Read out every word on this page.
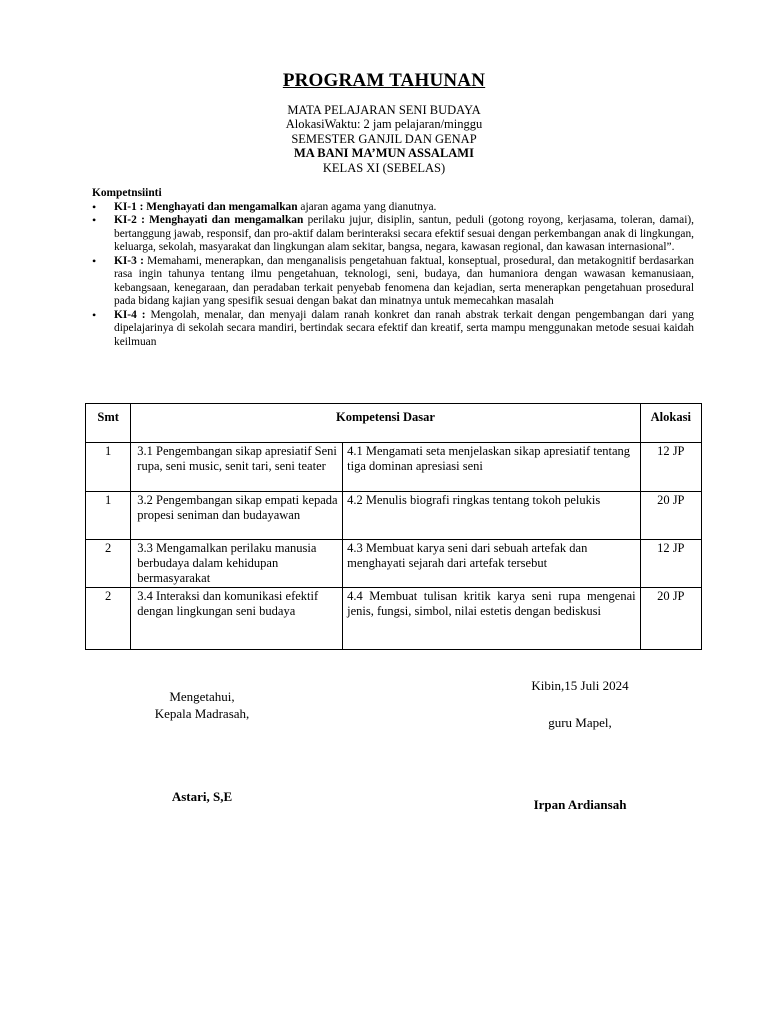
PROGRAM TAHUNAN
MATA PELAJARAN SENI BUDAYA
AlokasiWaktu: 2 jam pelajaran/minggu
SEMESTER GANJIL DAN GENAP
MA BANI MA’MUN ASSALAMI
KELAS XI (SEBELAS)
Kompetnsiinti
• KI-1 : Menghayati dan mengamalkan ajaran agama yang dianutnya.
• KI-2 : Menghayati dan mengamalkan perilaku jujur, disiplin, santun, peduli (gotong royong, kerjasama, toleran, damai), bertanggung jawab, responsif, dan pro-aktif dalam berinteraksi secara efektif sesuai dengan perkembangan anak di lingkungan, keluarga, sekolah, masyarakat dan lingkungan alam sekitar, bangsa, negara, kawasan regional, dan kawasan internasional”.
• KI-3 : Memahami, menerapkan, dan menganalisis pengetahuan faktual, konseptual, prosedural, dan metakognitif berdasarkan rasa ingin tahunya tentang ilmu pengetahuan, teknologi, seni, budaya, dan humaniora dengan wawasan kemanusiaan, kebangsaan, kenegaraan, dan peradaban terkait penyebab fenomena dan kejadian, serta menerapkan pengetahuan prosedural pada bidang kajian yang spesifik sesuai dengan bakat dan minatnya untuk memecahkan masalah
• KI-4 : Mengolah, menalar, dan menyaji dalam ranah konkret dan ranah abstrak terkait dengan pengembangan dari yang dipelajarinya di sekolah secara mandiri, bertindak secara efektif dan kreatif, serta mampu menggunakan metode sesuai kaidah keilmuan
Smt	Kompetensi Dasar		Alokasi
1	3.1 Pengembangan sikap apresiatif Seni rupa, seni music, senit tari, seni teater	4.1 Mengamati seta menjelaskan sikap apresiatif tentang tiga dominan apresiasi seni	12 JP
1	3.2 Pengembangan sikap empati kepada propesi seniman dan budayawan	4.2 Menulis biografi ringkas tentang tokoh pelukis	20 JP
2	3.3 Mengamalkan perilaku manusia berbudaya dalam kehidupan bermasyarakat	4.3 Membuat karya seni dari sebuah artefak dan menghayati sejarah dari artefak tersebut	12 JP
2	3.4 Interaksi dan komunikasi efektif dengan lingkungan seni budaya	4.4 Membuat tulisan kritik karya seni rupa mengenai jenis, fungsi, simbol, nilai estetis dengan bediskusi	20 JP
Mengetahui,
Kepala Madrasah,
Astari, S,E
Kibin,15 Juli 2024
guru Mapel,
Irpan Ardiansah
